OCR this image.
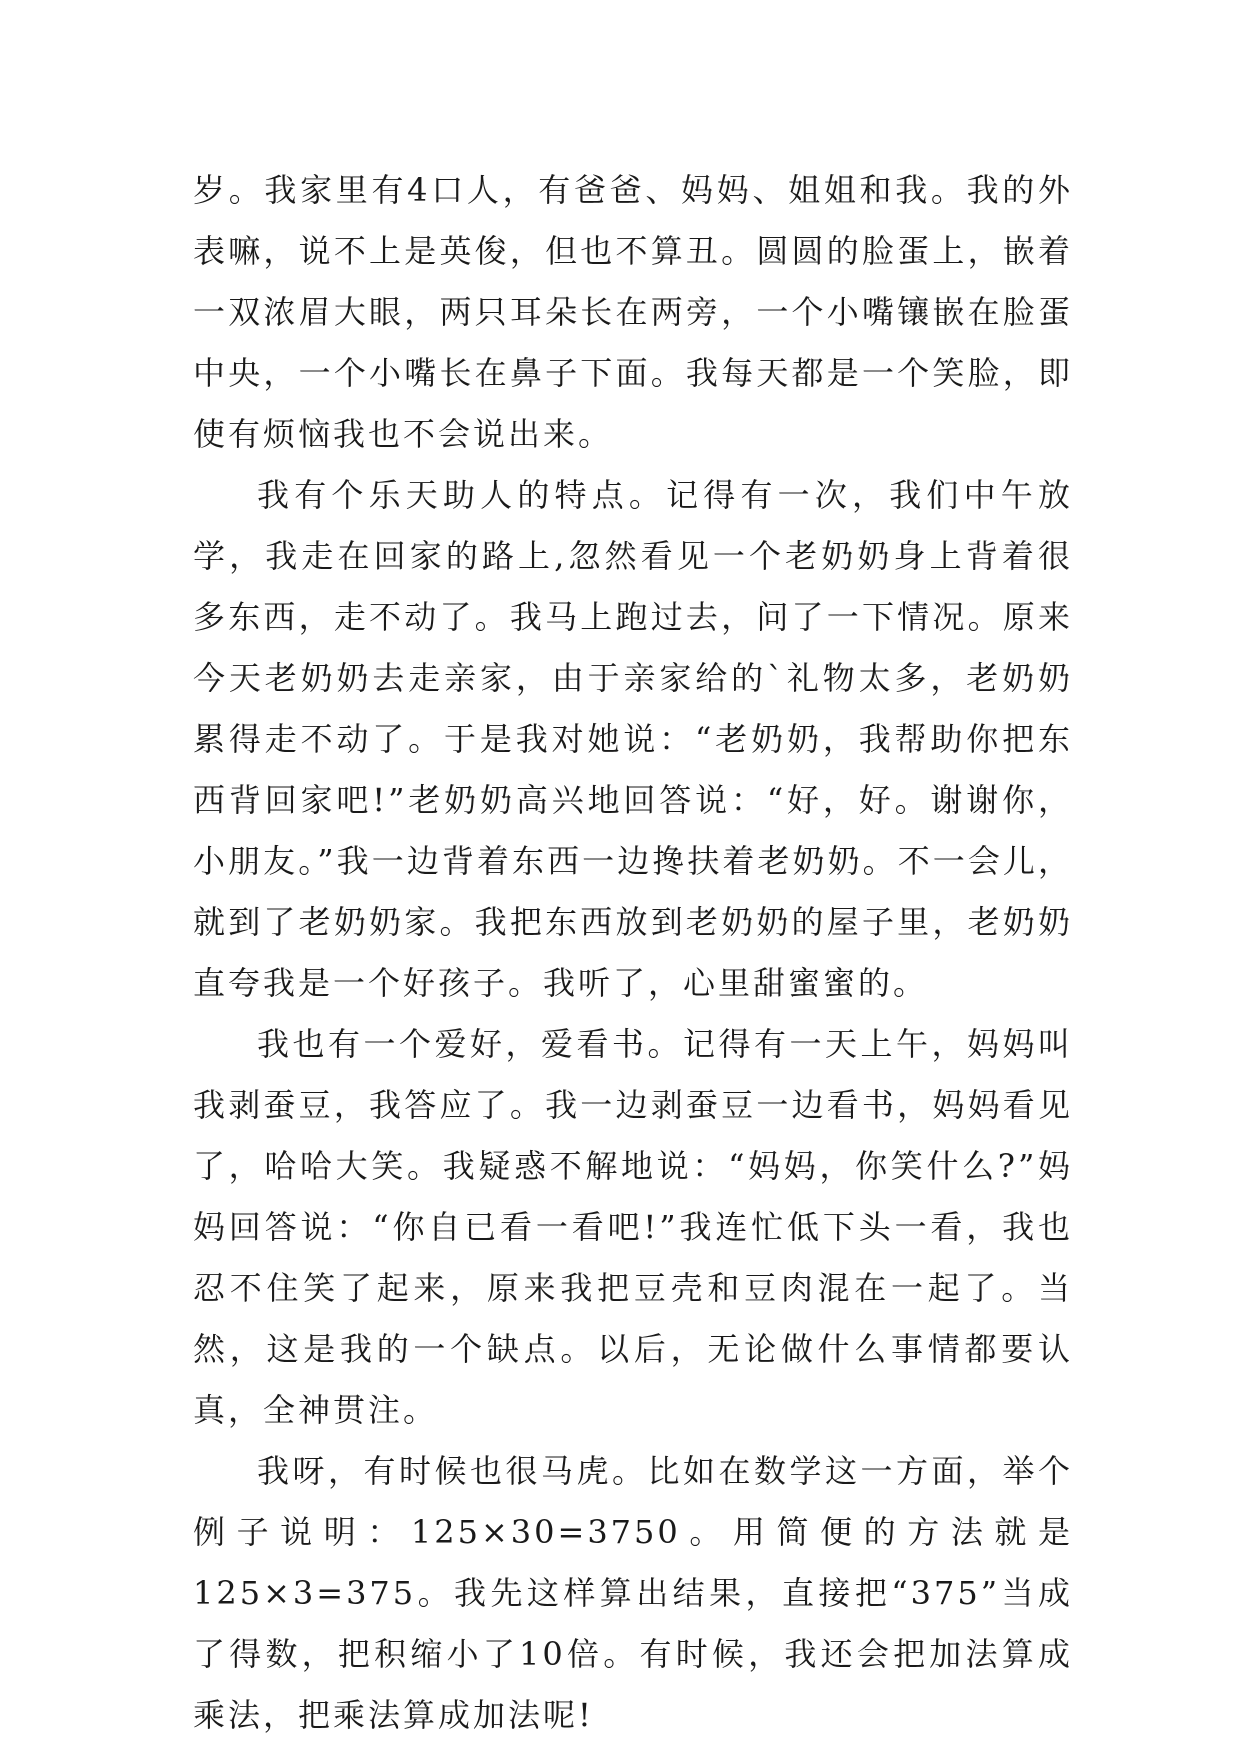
岁。我家里有4口人，有爸爸、妈妈、姐姐和我。我的外表嘛，说不上是英俊，但也不算丑。圆圆的脸蛋上，嵌着一双浓眉大眼，两只耳朵长在两旁，一个小嘴镶嵌在脸蛋中央，一个小嘴长在鼻子下面。我每天都是一个笑脸，即使有烦恼我也不会说出来。

我有个乐天助人的特点。记得有一次，我们中午放学，我走在回家的路上,忽然看见一个老奶奶身上背着很多东西，走不动了。我马上跑过去，问了一下情况。原来今天老奶奶去走亲家，由于亲家给的`礼物太多，老奶奶累得走不动了。于是我对她说：“老奶奶，我帮助你把东西背回家吧!”老奶奶高兴地回答说：“好，好。谢谢你，小朋友。”我一边背着东西一边搀扶着老奶奶。不一会儿，就到了老奶奶家。我把东西放到老奶奶的屋子里，老奶奶直夸我是一个好孩子。我听了，心里甜蜜蜜的。

我也有一个爱好，爱看书。记得有一天上午，妈妈叫我剥蚕豆，我答应了。我一边剥蚕豆一边看书，妈妈看见了，哈哈大笑。我疑惑不解地说：“妈妈，你笑什么?”妈妈回答说：“你自已看一看吧!”我连忙低下头一看，我也忍不住笑了起来，原来我把豆壳和豆肉混在一起了。当然，这是我的一个缺点。以后，无论做什么事情都要认真，全神贯注。

我呀，有时候也很马虎。比如在数学这一方面，举个例子说明：125×30=3750。用简便的方法就是125×3=375。我先这样算出结果，直接把“375”当成了得数，把积缩小了10倍。有时候，我还会把加法算成乘法，把乘法算成加法呢!
